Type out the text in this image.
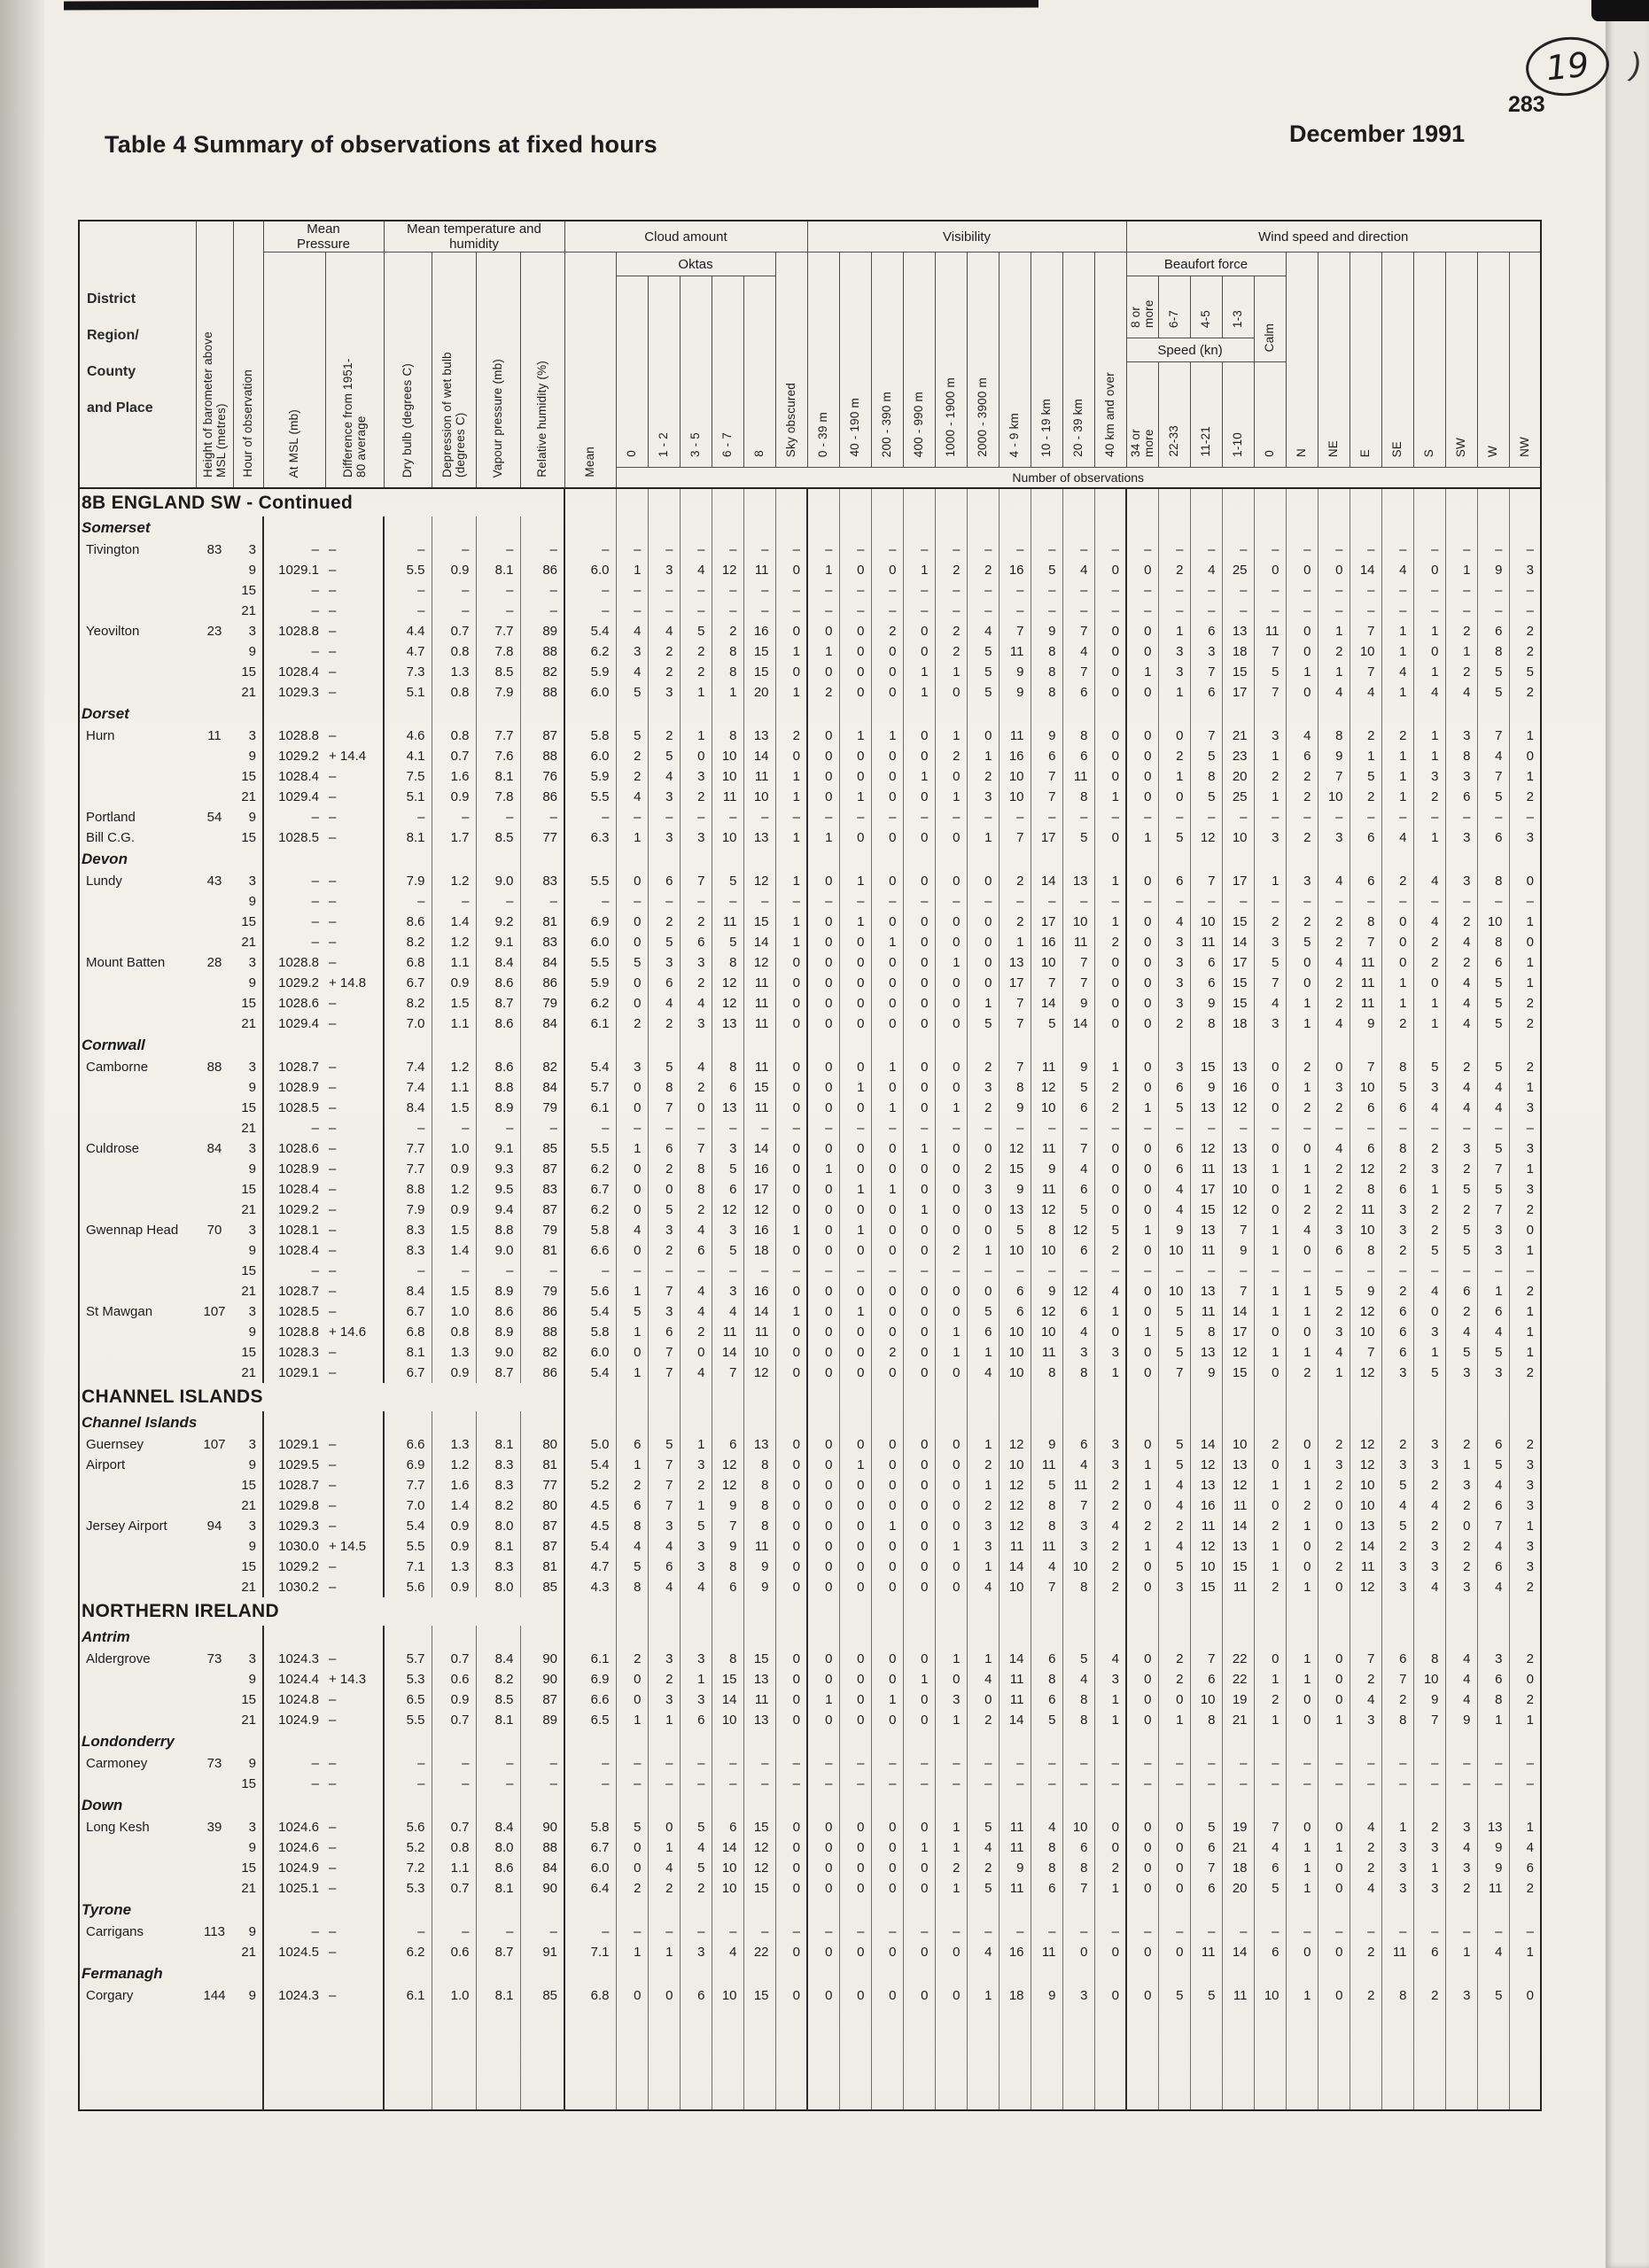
19 )
283
December 1991
Table 4 Summary of observations at fixed hours
District
Region/
County
and Place	Height of barometer above MSL (metres)	Hour of observation	Mean Pressure		Mean temperature and humidity				Cloud amount							Visibility										Wind speed and direction												
			At MSL (mb)	Difference from 1951-80 average	Dry bulb (degrees C)	Depression of wet bulb (degrees C)	Vapour pressure (mb)	Relative humidity (%)	Mean	Oktas					Sky obscured	0 - 39 m	40 - 190 m	200 - 390 m	400 - 990 m	1000 - 1900 m	2000 - 3900 m	4 - 9 km	10 - 19 km	20 - 39 km	40 km and over	Beaufort force					N	NE	E	SE	S	SW	W	NW
										0	1 - 2	3 - 5	6 - 7	8												8 or more	6-7	4-5	1-3	Calm								
																										Speed (kn)												
																										34 or more	22-33	11-21	1-10	0								
										Number of observations																												
8B ENGLAND SW - Continued																																						
Somerset																																						
Tivington	83	3	–	–	–	–	–	–	–	–	–	–	–	–	–	–	–	–	–	–	–	–	–	–	–	–	–	–	–	–	–	–	–	–	–	–	–	–
		9	1029.1	–	5.5	0.9	8.1	86	6.0	1	3	4	12	11	0	1	0	0	1	2	2	16	5	4	0	0	2	4	25	0	0	0	14	4	0	1	9	3
		15	–	–	–	–	–	–	–	–	–	–	–	–	–	–	–	–	–	–	–	–	–	–	–	–	–	–	–	–	–	–	–	–	–	–	–	–
		21	–	–	–	–	–	–	–	–	–	–	–	–	–	–	–	–	–	–	–	–	–	–	–	–	–	–	–	–	–	–	–	–	–	–	–	–
Yeovilton	23	3	1028.8	–	4.4	0.7	7.7	89	5.4	4	4	5	2	16	0	0	0	2	0	2	4	7	9	7	0	0	1	6	13	11	0	1	7	1	1	2	6	2
		9	–	–	4.7	0.8	7.8	88	6.2	3	2	2	8	15	1	1	0	0	0	2	5	11	8	4	0	0	3	3	18	7	0	2	10	1	0	1	8	2
		15	1028.4	–	7.3	1.3	8.5	82	5.9	4	2	2	8	15	0	0	0	0	1	1	5	9	8	7	0	1	3	7	15	5	1	1	7	4	1	2	5	5
		21	1029.3	–	5.1	0.8	7.9	88	6.0	5	3	1	1	20	1	2	0	0	1	0	5	9	8	6	0	0	1	6	17	7	0	4	4	1	4	4	5	2
Dorset																																						
Hurn	11	3	1028.8	–	4.6	0.8	7.7	87	5.8	5	2	1	8	13	2	0	1	1	0	1	0	11	9	8	0	0	0	7	21	3	4	8	2	2	1	3	7	1
		9	1029.2	+ 14.4	4.1	0.7	7.6	88	6.0	2	5	0	10	14	0	0	0	0	0	2	1	16	6	6	0	0	2	5	23	1	6	9	1	1	1	8	4	0
		15	1028.4	–	7.5	1.6	8.1	76	5.9	2	4	3	10	11	1	0	0	0	1	0	2	10	7	11	0	0	1	8	20	2	2	7	5	1	3	3	7	1
		21	1029.4	–	5.1	0.9	7.8	86	5.5	4	3	2	11	10	1	0	1	0	0	1	3	10	7	8	1	0	0	5	25	1	2	10	2	1	2	6	5	2
Portland	54	9	–	–	–	–	–	–	–	–	–	–	–	–	–	–	–	–	–	–	–	–	–	–	–	–	–	–	–	–	–	–	–	–	–	–	–	–
Bill C.G.		15	1028.5	–	8.1	1.7	8.5	77	6.3	1	3	3	10	13	1	1	0	0	0	0	1	7	17	5	0	1	5	12	10	3	2	3	6	4	1	3	6	3
Devon																																						
Lundy	43	3	–	–	7.9	1.2	9.0	83	5.5	0	6	7	5	12	1	0	1	0	0	0	0	2	14	13	1	0	6	7	17	1	3	4	6	2	4	3	8	0
		9	–	–	–	–	–	–	–	–	–	–	–	–	–	–	–	–	–	–	–	–	–	–	–	–	–	–	–	–	–	–	–	–	–	–	–	–
		15	–	–	8.6	1.4	9.2	81	6.9	0	2	2	11	15	1	0	1	0	0	0	0	2	17	10	1	0	4	10	15	2	2	2	8	0	4	2	10	1
		21	–	–	8.2	1.2	9.1	83	6.0	0	5	6	5	14	1	0	0	1	0	0	0	1	16	11	2	0	3	11	14	3	5	2	7	0	2	4	8	0
Mount Batten	28	3	1028.8	–	6.8	1.1	8.4	84	5.5	5	3	3	8	12	0	0	0	0	0	1	0	13	10	7	0	0	3	6	17	5	0	4	11	0	2	2	6	1
		9	1029.2	+ 14.8	6.7	0.9	8.6	86	5.9	0	6	2	12	11	0	0	0	0	0	0	0	17	7	7	0	0	3	6	15	7	0	2	11	1	0	4	5	1
		15	1028.6	–	8.2	1.5	8.7	79	6.2	0	4	4	12	11	0	0	0	0	0	0	1	7	14	9	0	0	3	9	15	4	1	2	11	1	1	4	5	2
		21	1029.4	–	7.0	1.1	8.6	84	6.1	2	2	3	13	11	0	0	0	0	0	0	5	7	5	14	0	0	2	8	18	3	1	4	9	2	1	4	5	2
Cornwall																																						
Camborne	88	3	1028.7	–	7.4	1.2	8.6	82	5.4	3	5	4	8	11	0	0	0	1	0	0	2	7	11	9	1	0	3	15	13	0	2	0	7	8	5	2	5	2
		9	1028.9	–	7.4	1.1	8.8	84	5.7	0	8	2	6	15	0	0	1	0	0	0	3	8	12	5	2	0	6	9	16	0	1	3	10	5	3	4	4	1
		15	1028.5	–	8.4	1.5	8.9	79	6.1	0	7	0	13	11	0	0	0	1	0	1	2	9	10	6	2	1	5	13	12	0	2	2	6	6	4	4	4	3
		21	–	–	–	–	–	–	–	–	–	–	–	–	–	–	–	–	–	–	–	–	–	–	–	–	–	–	–	–	–	–	–	–	–	–	–	–
Culdrose	84	3	1028.6	–	7.7	1.0	9.1	85	5.5	1	6	7	3	14	0	0	0	0	1	0	0	12	11	7	0	0	6	12	13	0	0	4	6	8	2	3	5	3
		9	1028.9	–	7.7	0.9	9.3	87	6.2	0	2	8	5	16	0	1	0	0	0	0	2	15	9	4	0	0	6	11	13	1	1	2	12	2	3	2	7	1
		15	1028.4	–	8.8	1.2	9.5	83	6.7	0	0	8	6	17	0	0	1	1	0	0	3	9	11	6	0	0	4	17	10	0	1	2	8	6	1	5	5	3
		21	1029.2	–	7.9	0.9	9.4	87	6.2	0	5	2	12	12	0	0	0	0	1	0	0	13	12	5	0	0	4	15	12	0	2	2	11	3	2	2	7	2
Gwennap Head	70	3	1028.1	–	8.3	1.5	8.8	79	5.8	4	3	4	3	16	1	0	1	0	0	0	0	5	8	12	5	1	9	13	7	1	4	3	10	3	2	5	3	0
		9	1028.4	–	8.3	1.4	9.0	81	6.6	0	2	6	5	18	0	0	0	0	0	2	1	10	10	6	2	0	10	11	9	1	0	6	8	2	5	5	3	1
		15	–	–	–	–	–	–	–	–	–	–	–	–	–	–	–	–	–	–	–	–	–	–	–	–	–	–	–	–	–	–	–	–	–	–	–	–
		21	1028.7	–	8.4	1.5	8.9	79	5.6	1	7	4	3	16	0	0	0	0	0	0	0	6	9	12	4	0	10	13	7	1	1	5	9	2	4	6	1	2
St Mawgan	107	3	1028.5	–	6.7	1.0	8.6	86	5.4	5	3	4	4	14	1	0	1	0	0	0	5	6	12	6	1	0	5	11	14	1	1	2	12	6	0	2	6	1
		9	1028.8	+ 14.6	6.8	0.8	8.9	88	5.8	1	6	2	11	11	0	0	0	0	0	1	6	10	10	4	0	1	5	8	17	0	0	3	10	6	3	4	4	1
		15	1028.3	–	8.1	1.3	9.0	82	6.0	0	7	0	14	10	0	0	0	2	0	1	1	10	11	3	3	0	5	13	12	1	1	4	7	6	1	5	5	1
		21	1029.1	–	6.7	0.9	8.7	86	5.4	1	7	4	7	12	0	0	0	0	0	0	4	10	8	8	1	0	7	9	15	0	2	1	12	3	5	3	3	2
CHANNEL ISLANDS																																						
Channel Islands																																						
Guernsey	107	3	1029.1	–	6.6	1.3	8.1	80	5.0	6	5	1	6	13	0	0	0	0	0	0	1	12	9	6	3	0	5	14	10	2	0	2	12	2	3	2	6	2
Airport		9	1029.5	–	6.9	1.2	8.3	81	5.4	1	7	3	12	8	0	0	1	0	0	0	2	10	11	4	3	1	5	12	13	0	1	3	12	3	3	1	5	3
		15	1028.7	–	7.7	1.6	8.3	77	5.2	2	7	2	12	8	0	0	0	0	0	0	1	12	5	11	2	1	4	13	12	1	1	2	10	5	2	3	4	3
		21	1029.8	–	7.0	1.4	8.2	80	4.5	6	7	1	9	8	0	0	0	0	0	0	2	12	8	7	2	0	4	16	11	0	2	0	10	4	4	2	6	3
Jersey Airport	94	3	1029.3	–	5.4	0.9	8.0	87	4.5	8	3	5	7	8	0	0	0	1	0	0	3	12	8	3	4	2	2	11	14	2	1	0	13	5	2	0	7	1
		9	1030.0	+ 14.5	5.5	0.9	8.1	87	5.4	4	4	3	9	11	0	0	0	0	0	1	3	11	11	3	2	1	4	12	13	1	0	2	14	2	3	2	4	3
		15	1029.2	–	7.1	1.3	8.3	81	4.7	5	6	3	8	9	0	0	0	0	0	0	1	14	4	10	2	0	5	10	15	1	0	2	11	3	3	2	6	3
		21	1030.2	–	5.6	0.9	8.0	85	4.3	8	4	4	6	9	0	0	0	0	0	0	4	10	7	8	2	0	3	15	11	2	1	0	12	3	4	3	4	2
NORTHERN IRELAND																																						
Antrim																																						
Aldergrove	73	3	1024.3	–	5.7	0.7	8.4	90	6.1	2	3	3	8	15	0	0	0	0	0	1	1	14	6	5	4	0	2	7	22	0	1	0	7	6	8	4	3	2
		9	1024.4	+ 14.3	5.3	0.6	8.2	90	6.9	0	2	1	15	13	0	0	0	0	1	0	4	11	8	4	3	0	2	6	22	1	1	0	2	7	10	4	6	0
		15	1024.8	–	6.5	0.9	8.5	87	6.6	0	3	3	14	11	0	1	0	1	0	3	0	11	6	8	1	0	0	10	19	2	0	0	4	2	9	4	8	2
		21	1024.9	–	5.5	0.7	8.1	89	6.5	1	1	6	10	13	0	0	0	0	0	1	2	14	5	8	1	0	1	8	21	1	0	1	3	8	7	9	1	1
Londonderry																																						
Carmoney	73	9	–	–	–	–	–	–	–	–	–	–	–	–	–	–	–	–	–	–	–	–	–	–	–	–	–	–	–	–	–	–	–	–	–	–	–	–
		15	–	–	–	–	–	–	–	–	–	–	–	–	–	–	–	–	–	–	–	–	–	–	–	–	–	–	–	–	–	–	–	–	–	–	–	–
Down																																						
Long Kesh	39	3	1024.6	–	5.6	0.7	8.4	90	5.8	5	0	5	6	15	0	0	0	0	0	1	5	11	4	10	0	0	0	5	19	7	0	0	4	1	2	3	13	1
		9	1024.6	–	5.2	0.8	8.0	88	6.7	0	1	4	14	12	0	0	0	0	1	1	4	11	8	6	0	0	0	6	21	4	1	1	2	3	3	4	9	4
		15	1024.9	–	7.2	1.1	8.6	84	6.0	0	4	5	10	12	0	0	0	0	0	2	2	9	8	8	2	0	0	7	18	6	1	0	2	3	1	3	9	6
		21	1025.1	–	5.3	0.7	8.1	90	6.4	2	2	2	10	15	0	0	0	0	0	1	5	11	6	7	1	0	0	6	20	5	1	0	4	3	3	2	11	2
Tyrone																																						
Carrigans	113	9	–	–	–	–	–	–	–	–	–	–	–	–	–	–	–	–	–	–	–	–	–	–	–	–	–	–	–	–	–	–	–	–	–	–	–	–
		21	1024.5	–	6.2	0.6	8.7	91	7.1	1	1	3	4	22	0	0	0	0	0	0	4	16	11	0	0	0	0	11	14	6	0	0	2	11	6	1	4	1
Fermanagh																																						
Corgary	144	9	1024.3	–	6.1	1.0	8.1	85	6.8	0	0	6	10	15	0	0	0	0	0	0	1	18	9	3	0	0	5	5	11	10	1	0	2	8	2	3	5	0
